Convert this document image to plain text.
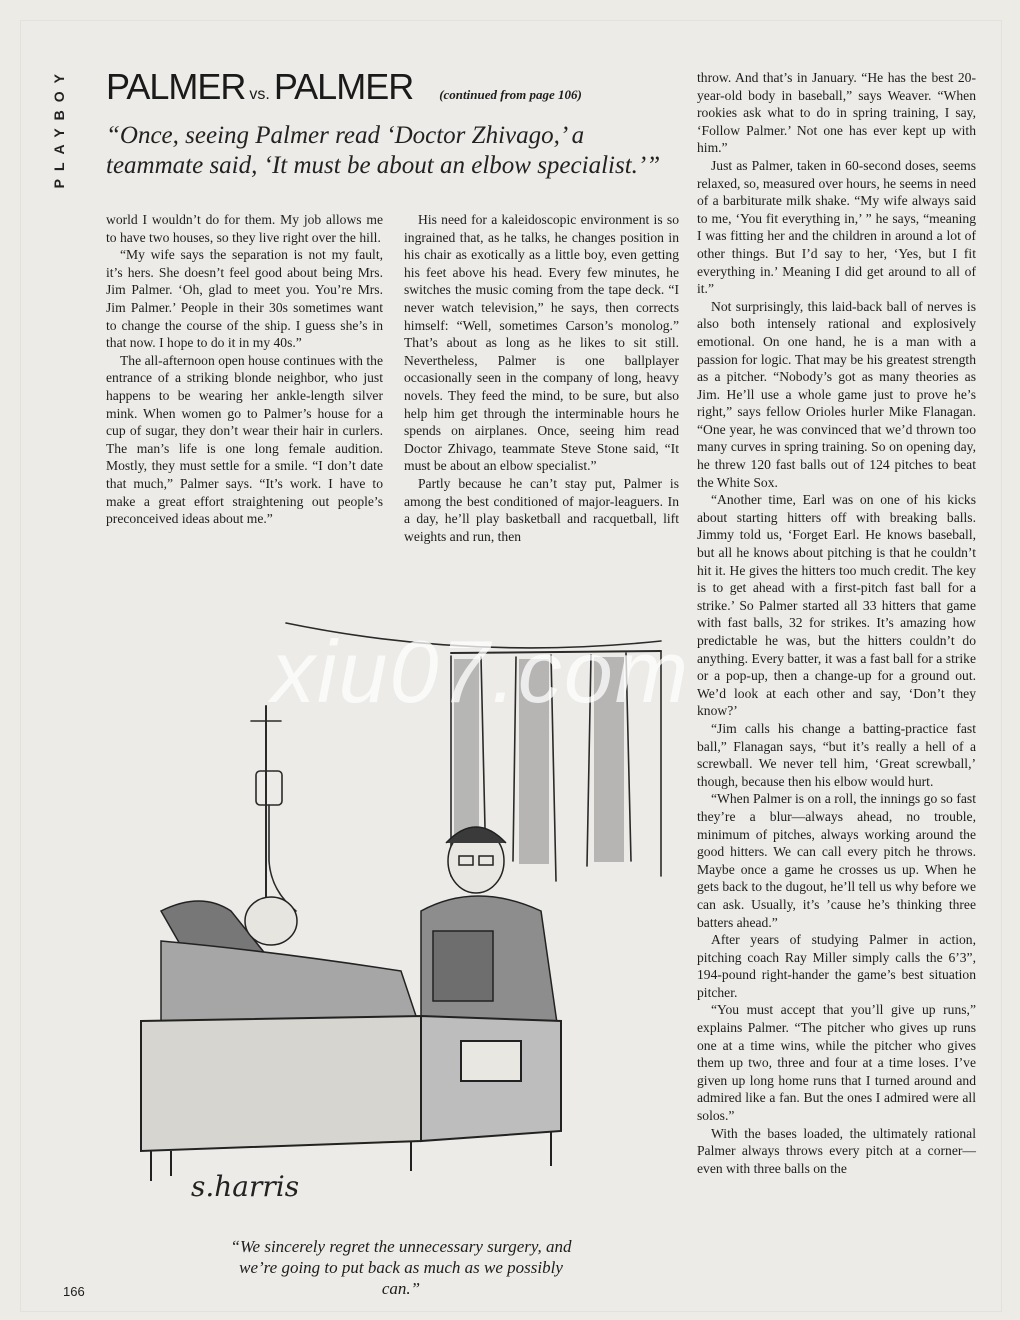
PLAYBOY PALMER vs. PALMER (continued from page 106)
“Once, seeing Palmer read ‘Doctor Zhivago,’ a teammate said, ‘It must be about an elbow specialist.’”

world I wouldn’t do for them. My job allows me to have two houses, so they live right over the hill.

“My wife says the separation is not my fault, it’s hers. She doesn’t feel good about being Mrs. Jim Palmer. ‘Oh, glad to meet you. You’re Mrs. Jim Palmer.’ People in their 30s sometimes want to change the course of the ship. I guess she’s in that now. I hope to do it in my 40s.”

The all-afternoon open house continues with the entrance of a striking blonde neighbor, who just happens to be wearing her ankle-length silver mink. When women go to Palmer’s house for a cup of sugar, they don’t wear their hair in curlers. The man’s life is one long female audition. Mostly, they must settle for a smile. “I don’t date that much,” Palmer says. “It’s work. I have to make a great effort straightening out people’s preconceived ideas about me.”

His need for a kaleidoscopic environment is so ingrained that, as he talks, he changes position in his chair as exotically as a little boy, even getting his feet above his head. Every few minutes, he switches the music coming from the tape deck. “I never watch television,” he says, then corrects himself: “Well, sometimes Carson’s monolog.” That’s about as long as he likes to sit still. Nevertheless, Palmer is one ballplayer occasionally seen in the company of long, heavy novels. They feed the mind, to be sure, but also help him get through the interminable hours he spends on airplanes. Once, seeing him read Doctor Zhivago, teammate Steve Stone said, “It must be about an elbow specialist.”

Partly because he can’t stay put, Palmer is among the best conditioned of major-leaguers. In a day, he’ll play basketball and racquetball, lift weights and run, then

throw. And that’s in January. “He has the best 20-year-old body in baseball,” says Weaver. “When rookies ask what to do in spring training, I say, ‘Follow Palmer.’ Not one has ever kept up with him.”

Just as Palmer, taken in 60-second doses, seems relaxed, so, measured over hours, he seems in need of a barbiturate milk shake. “My wife always said to me, ‘You fit everything in,’ ” he says, “meaning I was fitting her and the children in around a lot of other things. But I’d say to her, ‘Yes, but I fit everything in.’ Meaning I did get around to all of it.”

Not surprisingly, this laid-back ball of nerves is also both intensely rational and explosively emotional. On one hand, he is a man with a passion for logic. That may be his greatest strength as a pitcher. “Nobody’s got as many theories as Jim. He’ll use a whole game just to prove he’s right,” says fellow Orioles hurler Mike Flanagan. “One year, he was convinced that we’d thrown too many curves in spring training. So on opening day, he threw 120 fast balls out of 124 pitches to beat the White Sox.

“Another time, Earl was on one of his kicks about starting hitters off with breaking balls. Jimmy told us, ‘Forget Earl. He knows baseball, but all he knows about pitching is that he couldn’t hit it. He gives the hitters too much credit. The key is to get ahead with a first-pitch fast ball for a strike.’ So Palmer started all 33 hitters that game with fast balls, 32 for strikes. It’s amazing how predictable he was, but the hitters couldn’t do anything. Every batter, it was a fast ball for a strike or a pop-up, then a change-up for a ground out. We’d look at each other and say, ‘Don’t they know?’

“Jim calls his change a batting-practice fast ball,” Flanagan says, “but it’s really a hell of a screwball. We never tell him, ‘Great screwball,’ though, because then his elbow would hurt.

“When Palmer is on a roll, the innings go so fast they’re a blur—always ahead, no trouble, minimum of pitches, always working around the good hitters. We can call every pitch he throws. Maybe once a game he crosses us up. When he gets back to the dugout, he’ll tell us why before we can ask. Usually, it’s ’cause he’s thinking three batters ahead.”

After years of studying Palmer in action, pitching coach Ray Miller simply calls the 6’3”, 194-pound right-hander the game’s best situation pitcher.

“You must accept that you’ll give up runs,” explains Palmer. “The pitcher who gives up runs one at a time wins, while the pitcher who gives them up two, three and four at a time loses. I’ve given up long home runs that I turned around and admired like a fan. But the ones I admired were all solos.”

With the bases loaded, the ultimately rational Palmer always throws every pitch at a corner—even with three balls on the

s.harris
“We sincerely regret the unnecessary surgery, and we’re going to put back as much as we possibly can.”
xiu07.com
166
